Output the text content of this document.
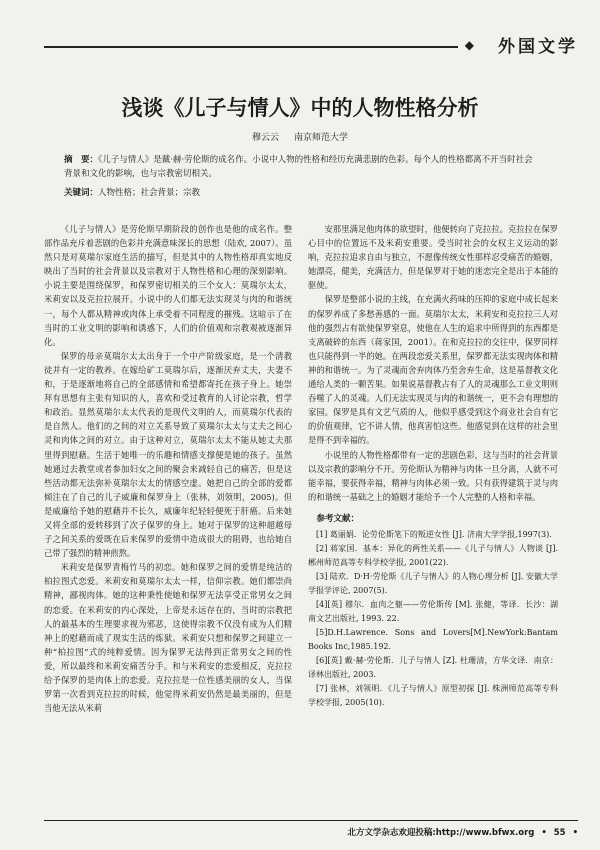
◆ 外国文学
浅谈《儿子与情人》中的人物性格分析
穆云云 南京师范大学
摘　要：《儿子与情人》是戴·赫·劳伦斯的成名作。小说中人物的性格和经历充满悲剧的色彩。每个人的性格都离不开当时社会背景和文化的影响，也与宗教密切相关。
关键词：人物性格；社会背景；宗教

《儿子与情人》是劳伦斯早期阶段的创作也是他的成名作。整部作品充斥着悲剧的色彩并充满意味深长的思想（陆欢, 2007）。虽然只是对莫瑞尔家庭生活的描写，但是其中的人物性格却真实地反映出了当时的社会背景以及宗教对于人物性格和心理的深刻影响。小说主要是围绕保罗，和保罗密切相关的三个女人：莫瑞尔太太，米莉安以及克拉拉展开。小说中的人们都无法实现灵与肉的和谐统一，每个人都从精神或肉体上承受着不同程度的摧残。这暗示了在当时的工业文明的影响和诱惑下，人们的价值观和宗教观被逐渐异化。

保罗的母亲莫瑞尔太太出身于一个中产阶级家庭，是一个清教徒并有一定的教养。在嫁给矿工莫瑞尔后，逐渐厌弃丈夫，夫妻不和，于是逐渐地将自己的全部感情和希望都寄托在孩子身上。她崇拜有思想有主张有知识的人，喜欢和受过教育的人讨论宗教，哲学和政治。显然莫瑞尔太太代表的是现代文明的人，而莫瑞尔代表的是自然人。他们的之间的对立关系导致了莫瑞尔太太与丈夫之间心灵和肉体之间的对立。由于这种对立，莫瑞尔太太不能从她丈夫那里得到慰藉。生活于她唯一的乐趣和情感支撑便是她的孩子。虽然她通过去教堂或者参加妇女之间的聚会来减轻自己的痛苦，但是这些活动都无法弥补莫瑞尔太太的情感空虚。她把自己的全部的爱都倾注在了自己的儿子威廉和保罗身上（张林，刘领明，2005)。但是威廉给予她的慰藉并不长久，威廉年纪轻轻便死于肝癌。后来她又将全部的爱转移到了次子保罗的身上。她对于保罗的这种超越母子之间关系的爱既在后来保罗的爱情中造成很大的阻碍，也给她自己带了强烈的精神煎熬。

米莉安是保罗青梅竹马的初恋。她和保罗之间的爱情是纯洁的柏拉图式恋爱。米莉安和莫瑞尔太太一样，信仰宗教。她们都崇尚精神，鄙视肉体。她的这种秉性使她和保罗无法享受正常男女之间的恋爱。在米莉安的内心深处，上帝是永远存在的，当时的宗教把人的最基本的生理要求视为邪恶，这使得宗教不仅没有成为人们精神上的慰藉而成了现实生活的炼狱。米莉安只想和保罗之间建立一种“柏拉图”式的纯粹爱情。因为保罗无法得到正常男女之间的性爱，所以最终和米莉安痛苦分手。和与米莉安的恋爱相反，克拉拉给予保罗的是肉体上的恋爱。克拉拉是一位性感美丽的女人，当保罗第一次看到克拉拉的时候，他觉得米莉安仍然是最美丽的，但是当他无法从米莉

安那里满足他肉体的欲望时，他便转向了克拉拉。克拉拉在保罗心目中的位置远不及米莉安重要。受当时社会的女权主义运动的影响，克拉拉追求自由与独立，不愿像传统女性那样忍受痛苦的婚姻，她漂亮，健美，充满活力，但是保罗对于她的迷恋完全是出于本能的驱使。

保罗是整部小说的主线，在充满火药味的压抑的家庭中成长起来的保罗养成了多愁善感的一面。莫瑞尔太太，米莉安和克拉拉三人对他的强烈占有欲使保罗窒息，使他在人生的追求中所得到的东西都是支离破碎的东西（蒋家国，2001）。在和克拉拉的交往中，保罗同样也只能得到一半的她。在两段恋爱关系里，保罗都无法实现肉体和精神的和谐统一。为了灵魂而舍弃肉体乃至舍弃生命，这是基督教文化通给人类的一颗苦果。如果说基督教占有了人的灵魂那么工业文明则吞噬了人的灵魂。人们无法实现灵与肉的和谐统一，更不会有理想的家园。保罗是具有文艺气质的人，他似乎感受到这个商业社会自有它的价值观律，它不讲人情，他真害怕这些。他感觉到在这样的社会里是得不到幸福的。

小说里的人物性格都带有一定的悲剧色彩，这与当时的社会背景以及宗教的影响分不开。劳伦斯认为精神与肉体一旦分离，人就不可能幸福，要获得幸福，精神与肉体必须一致。只有获得建筑于灵与肉的和谐统一基础之上的婚姻才能给予一个人完整的人格和幸福。

参考文献：

[1] 葛丽娟．论劳伦斯笔下的叛逆女性 [J]. 济南大学学报,1997(3).

[2] 蒋家国．基本：异化的两性关系——《儿子与情人》人物谈 [J]. 郴州师范高等专科学校学报, 2001(22).

[3] 陆欢．D·H·劳伦斯《儿子与情人》的人物心理分析 [J]. 安徽大学学报学评论, 2007(5).

[4][英] 穆尔．血肉之躯——劳伦斯传 [M]. 张健，等译．长沙：湖南文艺出版社, 1993. 22.

[5]D.H.Lawrence. Sons and Lovers[M].NewYork:Bantam Books Inc,1985.192.

[6][英] 戴·赫·劳伦斯．儿子与情人 [Z]. 杜珊清，方华文译．南京：译林出版社, 2003.

[7] 张林，刘领明．《儿子与情人》原型初探 [J]. 株洲师范高等专科学校学报, 2005(10).

北方文学杂志欢迎投稿:http://www.bfwx.org • 55 •
